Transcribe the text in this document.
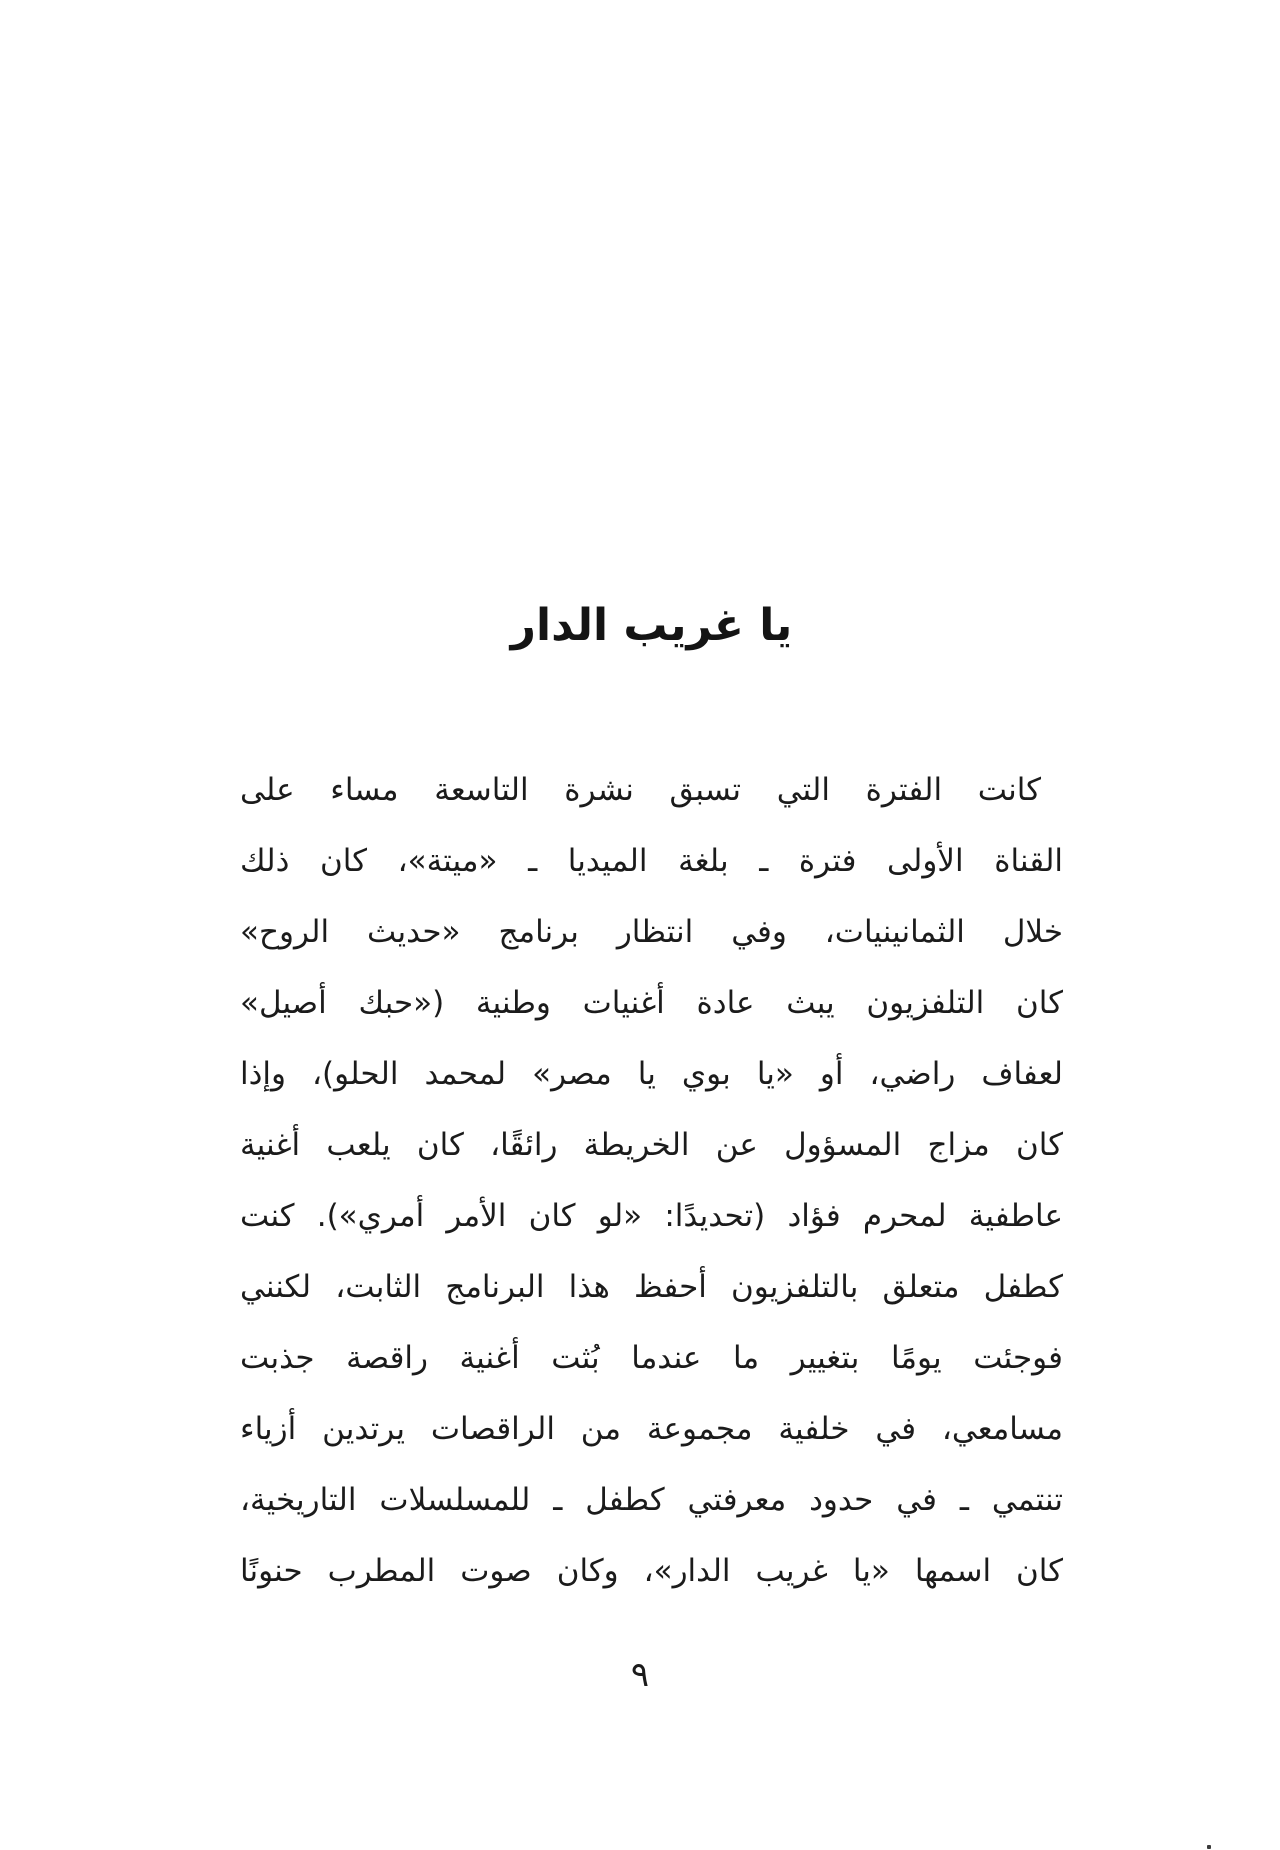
يا غريب الدار
كانت الفترة التي تسبق نشرة التاسعة مساء على
القناة الأولى فترة ـ بلغة الميديا ـ «ميتة»، كان ذلك
خلال الثمانينيات، وفي انتظار برنامج «حديث الروح»
كان التلفزيون يبث عادة أغنيات وطنية («حبك أصيل»
لعفاف راضي، أو «يا بوي يا مصر» لمحمد الحلو)، وإذا
كان مزاج المسؤول عن الخريطة رائقًا، كان يلعب أغنية
عاطفية لمحرم فؤاد (تحديدًا: «لو كان الأمر أمري»). كنت
كطفل متعلق بالتلفزيون أحفظ هذا البرنامج الثابت، لكنني
فوجئت يومًا بتغيير ما عندما بُثت أغنية راقصة جذبت
مسامعي، في خلفية مجموعة من الراقصات يرتدين أزياء
تنتمي ـ في حدود معرفتي كطفل ـ للمسلسلات التاريخية،
كان اسمها «يا غريب الدار»، وكان صوت المطرب حنونًا
٩
